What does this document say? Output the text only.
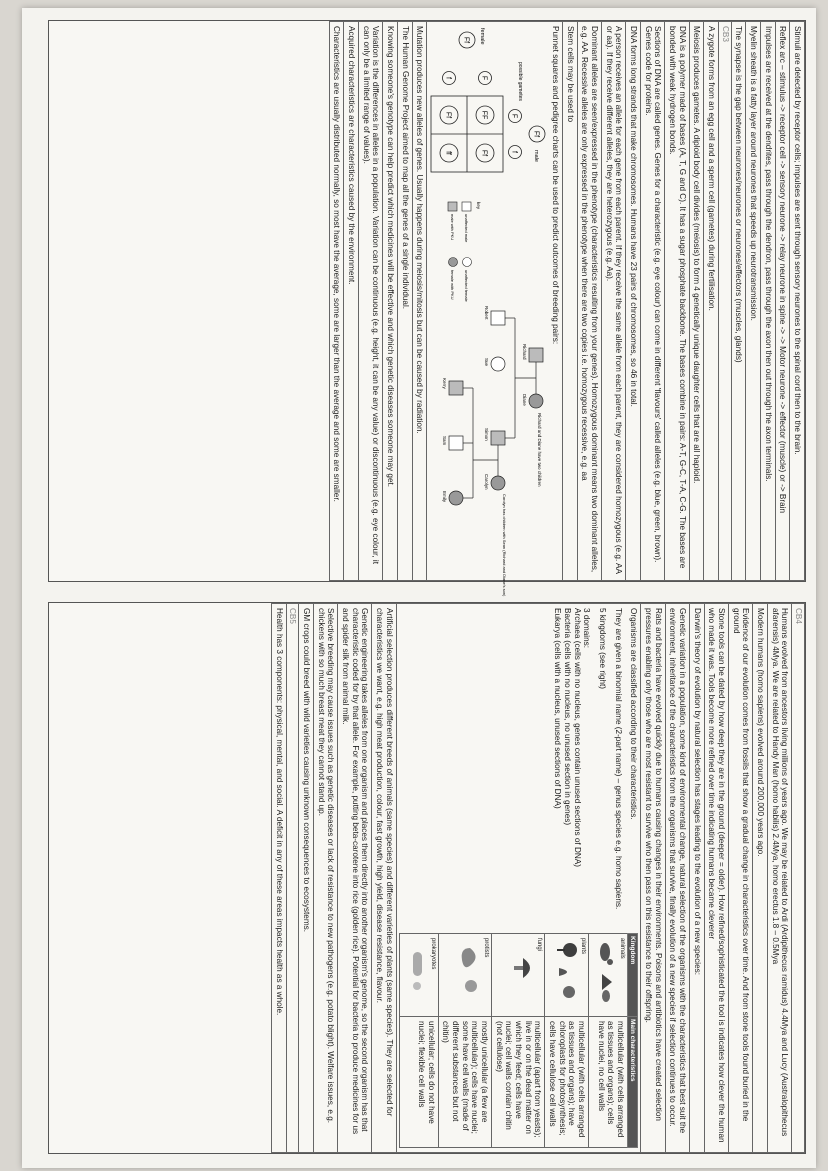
Stimuli are detected by receptor cells; impulses are sent through sensory neurones to the spinal cord then to the brain.
Reflex arc – stimulus -> receptor cell -> sensory neurone -> relay neurone in spine -> -> Motor neurone -> effector (muscle) or -> Brain
Impulses are received at the dendrites, pass through the dendron, pass through the axon then out through the axon terminals.
Myelin sheath is a fatty layer around neurones that speeds up neurotransmission.
The synapse is the gap between neurones/neurones or neurones/effectors (muscles, glands)
CB3
A zygote forms from an egg cell and a sperm cell (gametes) during fertilisation.
Meiosis produces gametes. A diploid body cell divides (meiosis) to form 4 genetically unique daughter cells that are all haploid.
DNA is a polymer made of bases (A, T, G and C). It has a sugar phosphate backbone. The bases combine in pairs: A-T, G-C, T-A, C-G. The bases are bonded with weak hydrogen bonds.
Sections of DNA are called genes. Genes for a characteristic (e.g. eye colour) can come in different 'flavours' called alleles (e.g. blue, green, brown). Genes code for proteins.
DNA forms long strands that make chromosomes. Humans have 23 pairs of chromosomes, so 46 in total.
A person receives an allele for each gene from each parent. If they receive the same allele from each parent, they are considered homozygous (e.g. AA or aa). If they receive different alleles, they are heterozygous (e.g. Aa).
Dominant alleles are seen/expressed in the phenotype (characteristics resulting from your genes). Homozygous dominant means two dominant alleles, e.g. AA. Recessive alleles are only expressed in the phenotype when there are two copies i.e. homozygous recessive, e.g. aa
Stem cells may be used to

Punnet squares and pedigree charts can be used to predict outcomes of breeding pairs:
Ff
male
possible gametes
F
f
female
Ff
F
f
FF
Ff
Ff
ff
Richard
Diane
Richard and Diane have two children
Robert
Sue
Simon
Carolyn
Carolyn has children with Sean (Richard and Diane's son)
Kerry
Sam
Emily
key
unaffected male
male with PKU
unaffected female
female with PKU

Mutation produces new alleles of genes. Usually happens during meiosis/mitosis but can be caused by radiation.
The Human Genome Project aimed to map all the genes of a single individual.
Knowing someone's genotype can help predict which medicines will be effective and which genetic diseases someone may get.
Variation is the differences in alleles in a population. Variation can be continuous (e.g. height, it can be any value) or discontinuous (e.g. eye colour, it can only be a limited range of values).
Acquired characteristics are characteristics caused by the environment.
Characteristics are usually distributed normally, so most have the average, some are larger than the average and some are smaller.
CB4
Humans evolved from ancestors living millions of years ago. We may be related to Ardi (Ardipithecus ramidus) 4.4Mya and Lucy (Australopithecus afarensis) 4Mya. We are related to Handy Man (homo habilis) 2.4Mya, homo erectus 1.8 – 0.5Mya
Modern humans (homo sapiens) evolved around 200,000 years ago.
Evidence of our evolution comes from fossils that show a gradual change in characteristics over time. And from stone tools found buried in the ground
Stone tools can be dated by how deep they are in the ground (deeper = older). How refined/sophisticated the tool is indicates how clever the human who made it was. Tools become more refined over time indicating humans became cleverer
Darwin's theory of evolution by natural selection has stages leading to the evolution of a new species:
Genetic variation in a population, some kind of environmental change, natural selection of the organisms with the characteristics that best suit the environment, inheritance of the characteristics from the organisms that survive, finally evolution of a new species if selection continues to occur.
Rats and bacteria have evolved quickly due to humans causing changes in their environments. Poisons and antibiotics have created selection pressures enabling only those who are most resistant to survive who then pass on this resistance to their offspring.

Organisms are classified according to their characteristics.

They are given a binomial name (2-part name) – genus species e.g. homo sapiens.

5 kingdoms (see right)

3 domains:

Archaea (cells with no nucleus, genes contain unused sections of DNA)

Bacteria (cells with no nucleus, no unused section in genes)

Eukarya (cells with a nucleus, unused sections of DNA)

Kingdom	Main characteristics

animals
	multicellular (with cells arranged as tissues and organs); cells have nuclei, no cell walls

plants
	multicellular (with cells arranged as tissues and organs); have chloroplasts for photosynthesis; cells have cellulose cell walls

fungi
	multicellular (apart from yeasts); live in or on the dead matter on which they feed; cells have nuclei; cell walls contain chitin (not cellulose)

protists
	mostly unicellular (a few are multicellular); cells have nuclei; some have cell walls (made of different substances but not chitin)

prokaryotes
	unicellular; cells do not have nuclei; flexible cell walls

Artificial selection produces different breeds of animals (same species) and different varieties of plants (same species). They are selected for characteristics we want, e.g. high meat production, colour, fast growth, high yield, disease resistance, flavour.
Genetic engineering takes alleles from one organism and places them directly into another organism's genome, so the second organism has that characteristic coded for by that allele. For example, putting beta-carotene into rice (golden rice). Potential for bacteria to produce medicines for us and spider silk from animal milk.
Selective breeding may cause issues such as genetic diseases or lack of resistance to new pathogens (e.g. potato blight). Welfare issues, e.g. chickens with so much breast meat they cannot stand up.
GM crops could breed with wild varieties causing unknown consequences to ecosystems.
CB5
Health has 3 components: physical, mental, and social. A deficit in any of these areas impacts health as a whole.
